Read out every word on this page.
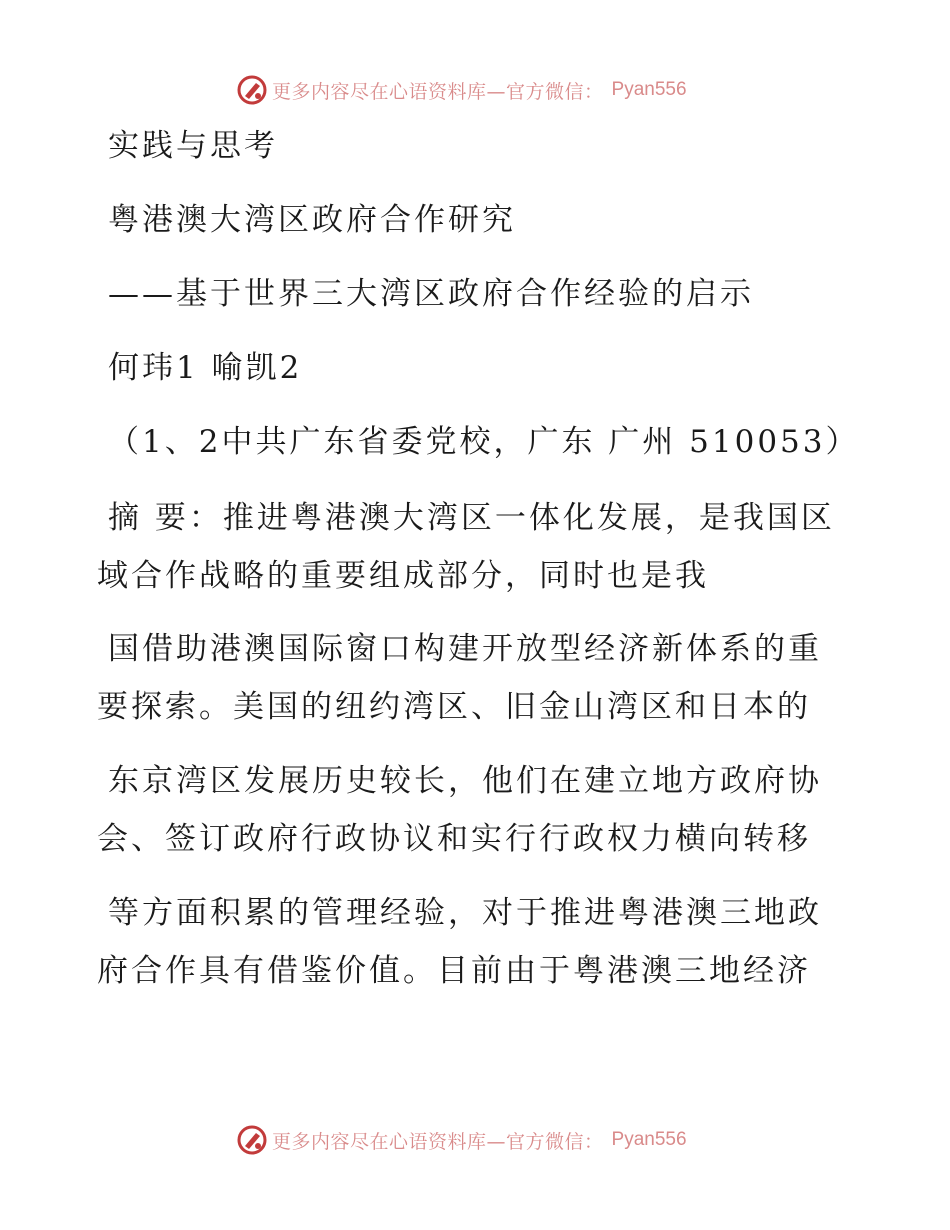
更多内容尽在心语资料库—官方微信： Pyan556
实践与思考
粤港澳大湾区政府合作研究
——基于世界三大湾区政府合作经验的启示
何玮1 喻凯2
（1、2中共广东省委党校，广东 广州 510053）
摘 要：推进粤港澳大湾区一体化发展，是我国区
域合作战略的重要组成部分，同时也是我
国借助港澳国际窗口构建开放型经济新体系的重
要探索。美国的纽约湾区、旧金山湾区和日本的
东京湾区发展历史较长，他们在建立地方政府协
会、签订政府行政协议和实行行政权力横向转移
等方面积累的管理经验，对于推进粤港澳三地政
府合作具有借鉴价值。目前由于粤港澳三地经济
更多内容尽在心语资料库—官方微信： Pyan556
